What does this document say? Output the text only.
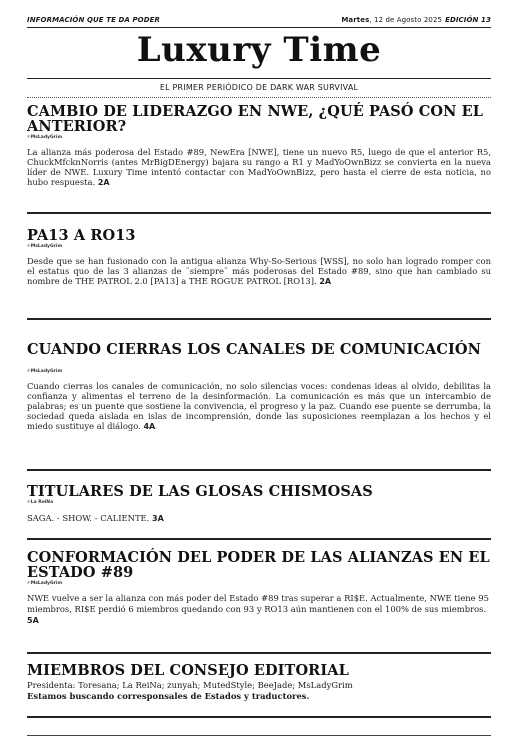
INFORMACIÓN QUE TE DA PODER	Martes, 12 de Agosto 2025 EDICIÓN 13
Luxury Time
EL PRIMER PERIÓDICO DE DARK WAR SURVIVAL
CAMBIO DE LIDERAZGO EN NWE, ¿QUÉ PASÓ CON EL ANTERIOR?
✍MsLadyGrim
La alianza más poderosa del Estado #89, NewEra [NWE], tiene un nuevo R5, luego de que el anterior R5, ChuckMfcknNorris (antes MrBigDEnergy) bajara su rango a R1 y MadYoOwnBizz se convierta en la nueva líder de NWE. Luxury Time intentó contactar con MadYoOwnBizz, pero hasta el cierre de esta noticia, no hubo respuesta. 2A
PA13 A RO13
✍MsLadyGrim
Desde que se han fusionado con la antigua alianza Why-So-Serious [WSS], no solo han logrado romper con el estatus quo de las 3 alianzas de ¨siempre¨ más poderosas del Estado #89, sino que han cambiado su nombre de THE PATROL 2.0 [PA13] a THE ROGUE PATROL [RO13]. 2A
CUANDO CIERRAS LOS CANALES DE COMUNICACIÓN
✍MsLadyGrim
Cuando cierras los canales de comunicación, no solo silencias voces: condenas ideas al olvido, debilitas la confianza y alimentas el terreno de la desinformación. La comunicación es más que un intercambio de palabras; es un puente que sostiene la convivencia, el progreso y la paz. Cuando ese puente se derrumba, la sociedad queda aislada en islas de incomprensión, donde las suposiciones reemplazan a los hechos y el miedo sustituye al diálogo. 4A
TITULARES DE LAS GLOSAS CHISMOSAS
✍La ReiNa
SAGA. - SHOW. - CALIENTE. 3A
CONFORMACIÓN DEL PODER DE LAS ALIANZAS EN EL ESTADO #89
✍MsLadyGrim
NWE vuelve a ser la alianza con más poder del Estado #89 tras superar a RI$E. Actualmente, NWE tiene 95 miembros, RI$E perdió 6 miembros quedando con 93 y RO13 aún mantienen con el 100% de sus miembros. 5A
MIEMBROS DEL CONSEJO EDITORIAL
Presidenta: Toresana; La ReiNa; zunyah; MutedStyle; BeeJade; MsLadyGrim
Estamos buscando corresponsales de Estados y traductores.
